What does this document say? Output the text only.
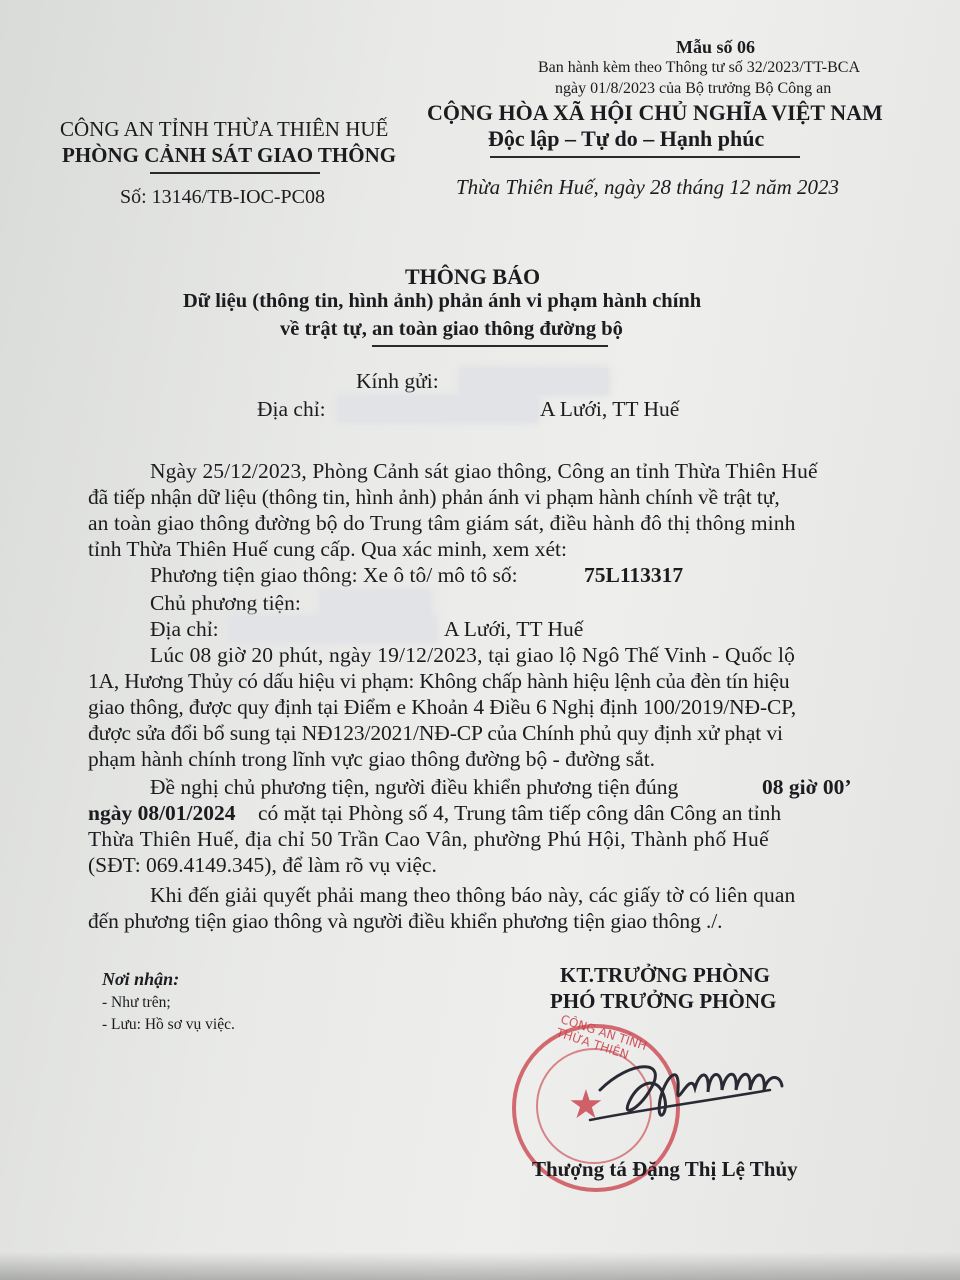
Mẫu số 06
Ban hành kèm theo Thông tư số 32/2023/TT-BCA
ngày 01/8/2023 của Bộ trưởng Bộ Công an
CÔNG AN TỈNH THỪA THIÊN HUẾ
PHÒNG CẢNH SÁT GIAO THÔNG
CỘNG HÒA XÃ HỘI CHỦ NGHĨA VIỆT NAM
Độc lập – Tự do – Hạnh phúc
Số: 13146/TB-IOC-PC08	Thừa Thiên Huế, ngày 28 tháng 12 năm 2023
THÔNG BÁO
Dữ liệu (thông tin, hình ảnh) phản ánh vi phạm hành chính
về trật tự, an toàn giao thông đường bộ
Kính gửi:
Địa chỉ:	A Lưới, TT Huế
Ngày 25/12/2023, Phòng Cảnh sát giao thông, Công an tỉnh Thừa Thiên Huế
đã tiếp nhận dữ liệu (thông tin, hình ảnh) phản ánh vi phạm hành chính về trật tự,
an toàn giao thông đường bộ do Trung tâm giám sát, điều hành đô thị thông minh
tỉnh Thừa Thiên Huế cung cấp. Qua xác minh, xem xét:
Phương tiện giao thông: Xe ô tô/ mô tô số:	75L113317
Chủ phương tiện:
Địa chỉ:	A Lưới, TT Huế
Lúc 08 giờ 20 phút, ngày 19/12/2023, tại giao lộ Ngô Thế Vinh - Quốc lộ
1A, Hương Thủy có dấu hiệu vi phạm: Không chấp hành hiệu lệnh của đèn tín hiệu
giao thông, được quy định tại Điểm e Khoản 4 Điều 6 Nghị định 100/2019/NĐ-CP,
được sửa đổi bổ sung tại NĐ123/2021/NĐ-CP của Chính phủ quy định xử phạt vi
phạm hành chính trong lĩnh vực giao thông đường bộ - đường sắt.
Đề nghị chủ phương tiện, người điều khiển phương tiện đúng	08 giờ 00’
ngày 08/01/2024 có mặt tại Phòng số 4, Trung tâm tiếp công dân Công an tỉnh
Thừa Thiên Huế, địa chỉ 50 Trần Cao Vân, phường Phú Hội, Thành phố Huế
(SĐT: 069.4149.345), để làm rõ vụ việc.
Khi đến giải quyết phải mang theo thông báo này, các giấy tờ có liên quan
đến phương tiện giao thông và người điều khiển phương tiện giao thông ./.
Nơi nhận:
- Như trên;
- Lưu: Hồ sơ vụ việc.
KT.TRƯỞNG PHÒNG
PHÓ TRƯỞNG PHÒNG
★
CÔNG AN TỈNH THỪA THIÊN
Thượng tá Đặng Thị Lệ Thủy
